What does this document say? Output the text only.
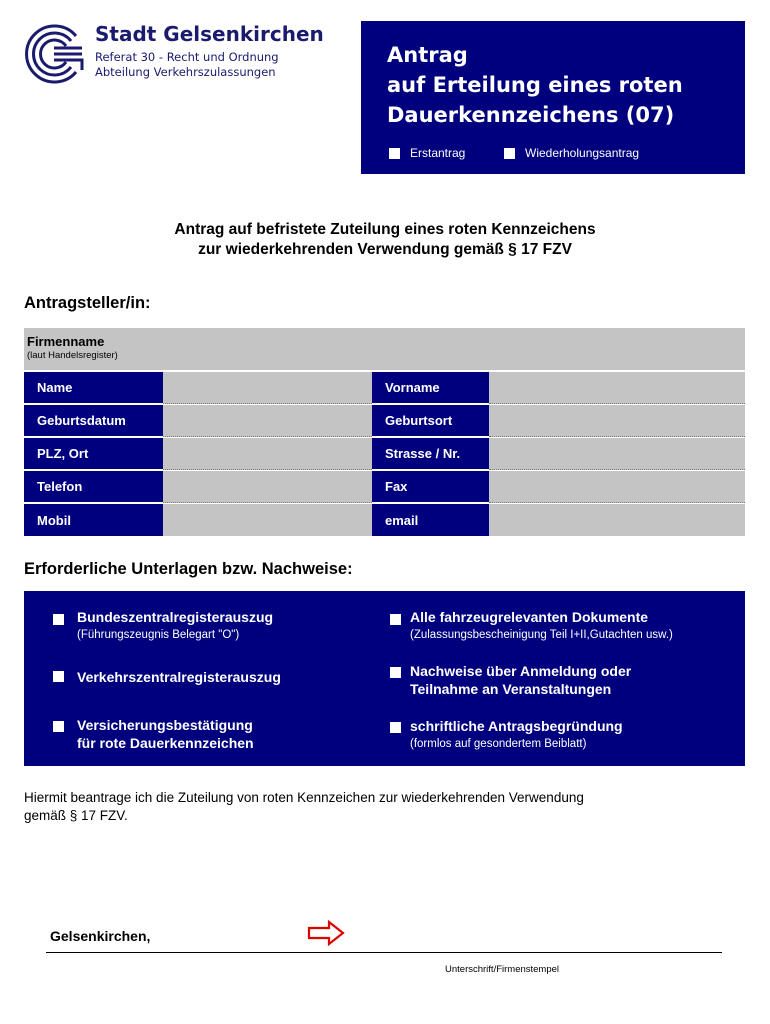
Stadt Gelsenkirchen
Referat 30 - Recht und Ordnung
Abteilung Verkehrszulassungen
Antrag
auf Erteilung eines roten
Dauerkennzeichens (07)
Erstantrag	Wiederholungsantrag
Antrag auf befristete Zuteilung eines roten Kennzeichens
zur wiederkehrenden Verwendung gemäß § 17 FZV
Antragsteller/in:
Firmenname
(laut Handelsregister)
Name	Vorname
Geburtsdatum	Geburtsort
PLZ, Ort	Strasse / Nr.
Telefon	Fax
Mobil	email
Erforderliche Unterlagen bzw. Nachweise:
Bundeszentralregisterauszug
(Führungszeugnis Belegart "O")
Verkehrszentralregisterauszug
Versicherungsbestätigung
für rote Dauerkennzeichen
Alle fahrzeugrelevanten Dokumente
(Zulassungsbescheinigung Teil I+II,Gutachten usw.)
Nachweise über Anmeldung oder
Teilnahme an Veranstaltungen
schriftliche Antragsbegründung
(formlos auf gesondertem Beiblatt)
Hiermit beantrage ich die Zuteilung von roten Kennzeichen zur wiederkehrenden Verwendung
gemäß § 17 FZV.
Gelsenkirchen,
Unterschrift/Firmenstempel
